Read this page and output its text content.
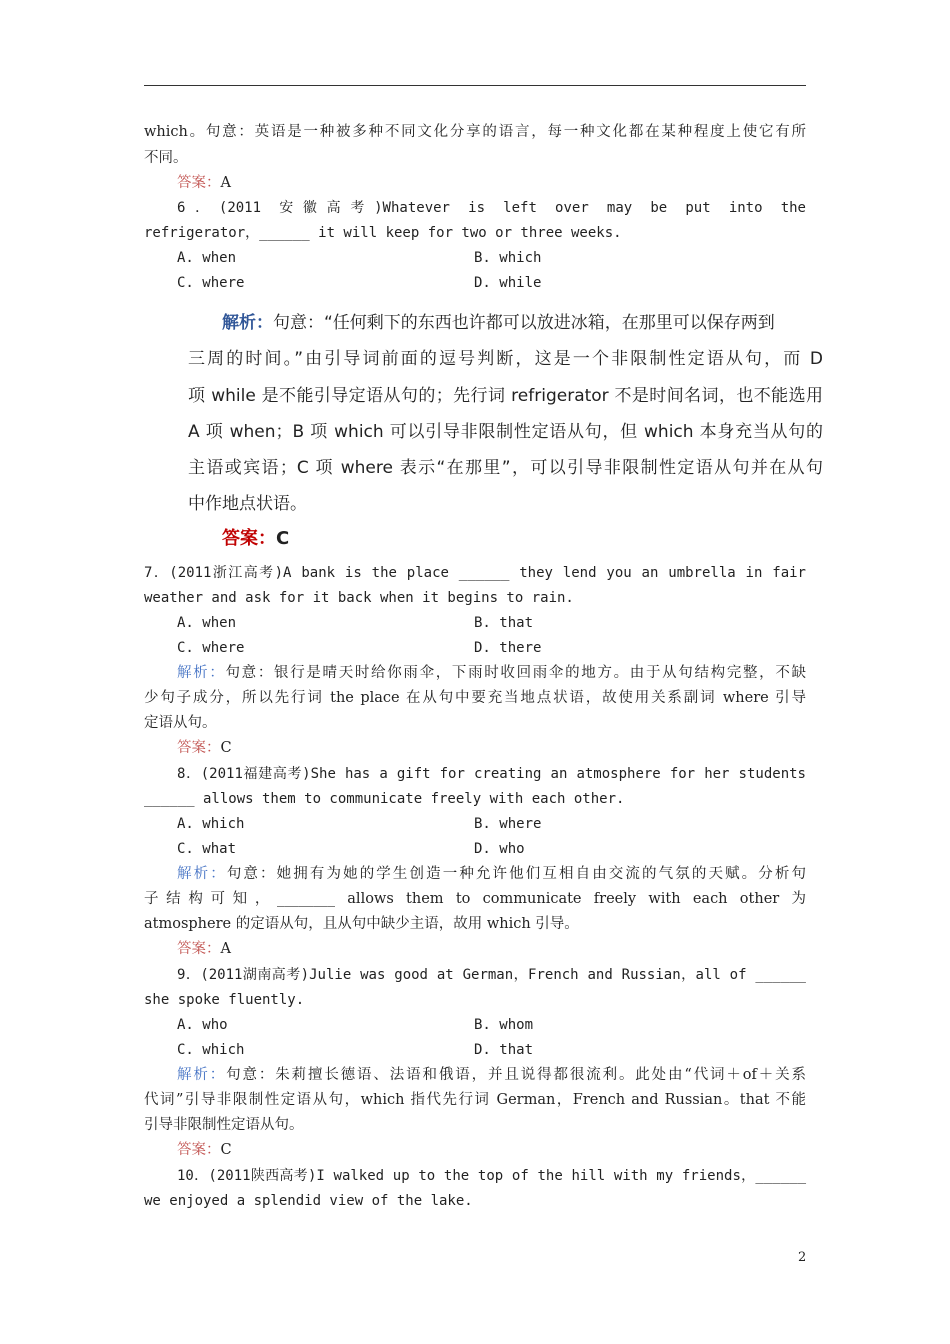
which。句意：英语是一种被多种不同文化分享的语言，每一种文化都在某种程度上使它有所
不同。
答案：A
6．(2011 安徽高考)Whatever is left over may be put into the
refrigerator，______ it will keep for two or three weeks.
A. when	B. which
C. where	D. while
解析：句意：“任何剩下的东西也许都可以放进冰箱，在那里可以保存两到
三周的时间。”由引导词前面的逗号判断，这是一个非限制性定语从句，而 D
项 while 是不能引导定语从句的；先行词 refrigerator 不是时间名词，也不能选用
A 项 when；B 项 which 可以引导非限制性定语从句，但 which 本身充当从句的
主语或宾语；C 项 where 表示“在那里”，可以引导非限制性定语从句并在从句
中作地点状语。
答案：C
7．(2011浙江高考)A bank is the place ______ they lend you an umbrella in fair
weather and ask for it back when it begins to rain.
A. when	B. that
C. where	D. there
解析：句意：银行是晴天时给你雨伞，下雨时收回雨伞的地方。由于从句结构完整，不缺
少句子成分，所以先行词 the place 在从句中要充当地点状语，故使用关系副词 where 引导
定语从句。
答案：C
8．(2011福建高考)She has a gift for creating an atmosphere for her students
______ allows them to communicate freely with each other.
A. which	B. where
C. what	D. who
解析：句意：她拥有为她的学生创造一种允许他们互相自由交流的气氛的天赋。分析句
子结构可知，________ allows them to communicate freely with each other 为
atmosphere 的定语从句，且从句中缺少主语，故用 which 引导。
答案：A
9．(2011湖南高考)Julie was good at German，French and Russian，all of ______
she spoke fluently.
A. who	B. whom
C. which	D. that
解析：句意：朱莉擅长德语、法语和俄语，并且说得都很流利。此处由“代词＋of＋关系
代词”引导非限制性定语从句，which 指代先行词 German，French and Russian。that 不能
引导非限制性定语从句。
答案：C
10．(2011陕西高考)I walked up to the top of the hill with my friends，______
we enjoyed a splendid view of the lake.
2
